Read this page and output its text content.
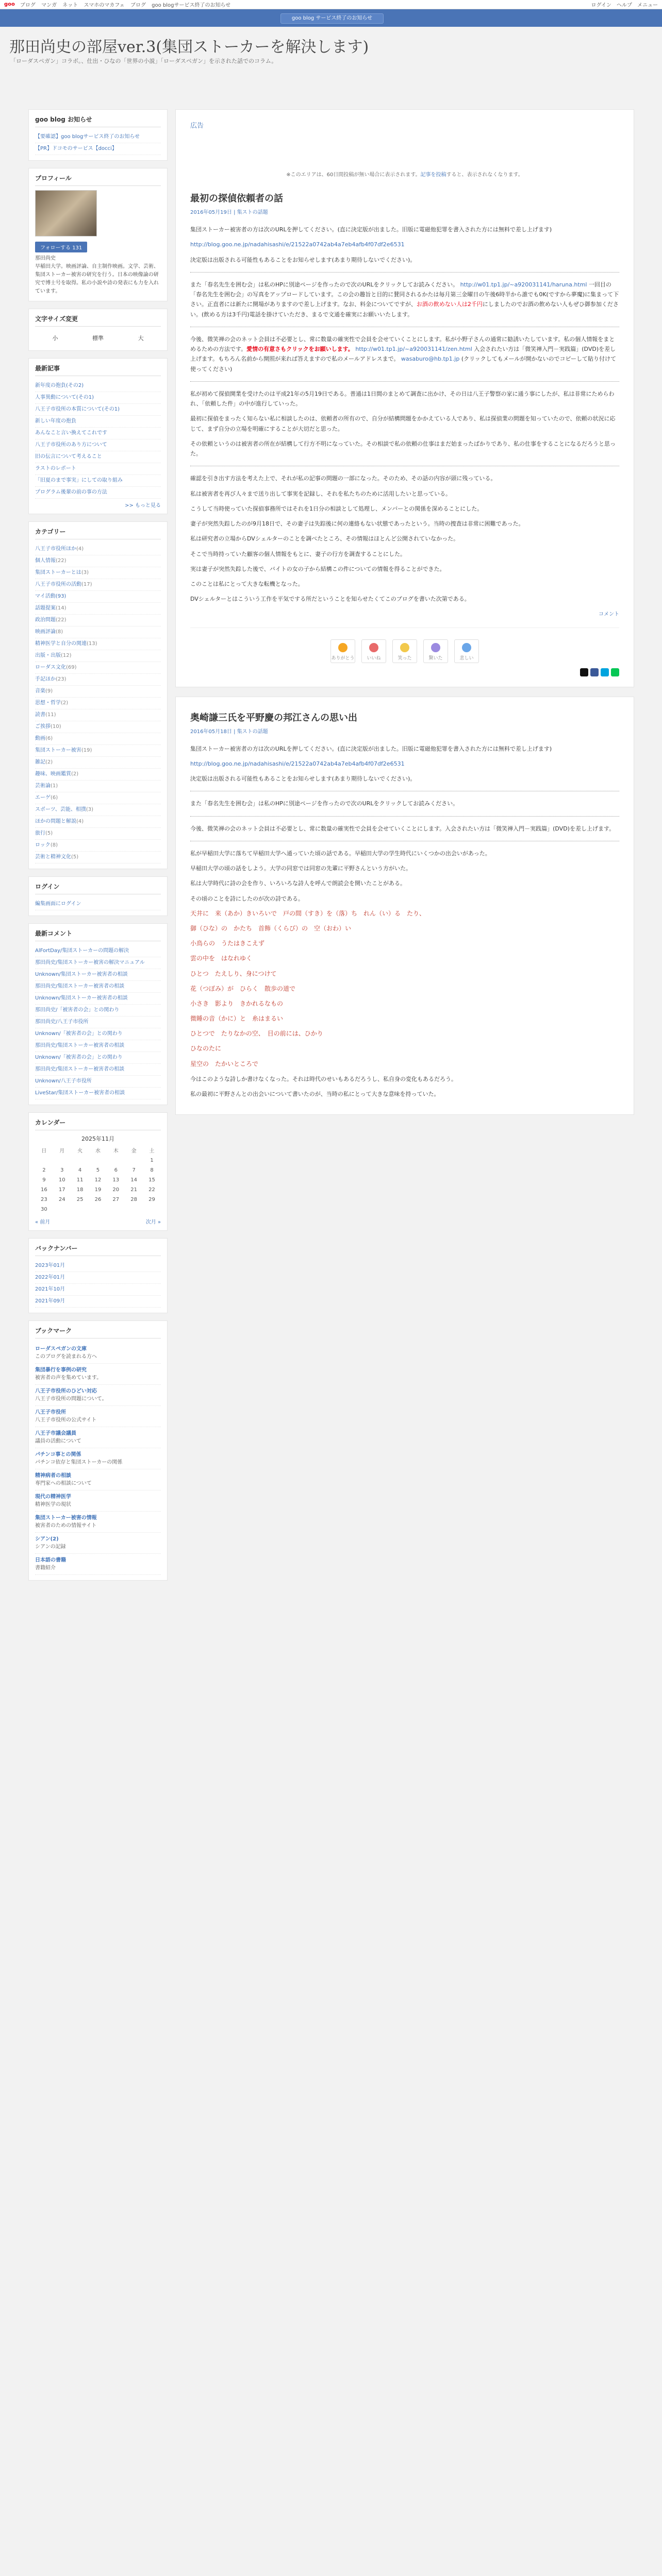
goo ブログ マンガ ネット スマホのマカフェ ブログ goo blogサービス終了のお知らせ	ログイン ヘルプ メニュー
goo blog サービス終了のお知らせ
那田尚史の部屋ver.3(集団ストーカーを解決します)
「ローダスペガン」コラボ。、仕出・ひなの「世界の小説」「ローダスペガン」を示された話でのコラム。
goo blog お知らせ
【要確認】goo blogサービス終了のお知らせ
【PR】ドコモのサービス【docci】
プロフィール
フォローする 131
那田尚史
早稲田大学。映画評論、自主制作映画。文学、芸術、集団ストーカー被害の研究を行う。日本の映像論の研究で博士号を取得。私の小説や詩の発表にも力を入れています。
文字サイズ変更
小	標準	大
最新記事
新年度の抱負(その2)
人事異動について(その1)
八王子市役所の本質について(その1)
新しい年度の抱負
あんなこと言い換えてこれです
八王子市役所のあり方について
旧の伝言について考えること
ラストのレポート
「旧夏のまで事実」にしての取り組み
プログラム後輩の前の事の方法
>> もっと見る
カテゴリー
八王子市役所ほか(4)
個人情報(22)
集団ストーカーとは(3)
八王子市役所の活動(17)
マイ活動(93)
話題提案(14)
政治問題(22)
映画評論(8)
精神医学と自分の関連(13)
出版・出版(12)
ローダス文化(69)
手記ほか(23)
音楽(9)
思想・哲学(2)
読書(11)
ご挨拶(10)
動画(6)
集団ストーカー被害(19)
雑記(2)
趣味、映画鑑賞(2)
芸術論(1)
エーゲ(6)
スポーツ、芸能、相撲(3)
ほかの問題と解説(4)
旅行(5)
ロック(8)
芸術と精神文化(5)
ログイン
編集画面にログイン
最新コメント
AlFortDay/集団ストーカーの問題の解決
那田尚史/集団ストーカー被害の解決マニュアル
Unknown/集団ストーカー被害者の相談
那田尚史/集団ストーカー被害者の相談
Unknown/集団ストーカー被害者の相談
那田尚史/「被害者の会」との関わり
那田尚史/八王子市役所
Unknown/「被害者の会」との関わり
那田尚史/集団ストーカー被害者の相談
Unknown/「被害者の会」との関わり
那田尚史/集団ストーカー被害者の相談
Unknown/八王子市役所
LiveStar/集団ストーカー被害者の相談
カレンダー
2025年11月
日	月	火	水	木	金	土
						1
2	3	4	5	6	7	8
9	10	11	12	13	14	15
16	17	18	19	20	21	22
23	24	25	26	27	28	29
30						
« 前月	次月 »
バックナンバー
2023年01月
2022年01月
2021年10月
2021年09月
ブックマーク
ローダスペガンの文庫
このブログを読まれる方へ
集団暴行を事例の研究
被害者の声を集めています。
八王子市役所のひどい対応
八王子市役所の問題について。
八王子市役所
八王子市役所の公式サイト
八王子市議会議員
議員の活動について
パチンコ事との関係
パチンコ依存と集団ストーカーの関係
精神病者の相談
専門家への相談について
現代の精神医学
精神医学の現状
集団ストーカー被害の情報
被害者のための情報サイト
シアン(2)
シアンの記録
日本語の書籍
書籍紹介
広告
※このエリアは、60日間投稿が無い場合に表示されます。記事を投稿すると、表示されなくなります。
最初の探偵依頼者の話
2016年05月19日 | 集ストの話題

集団ストーカー被害者の方は次のURLを押してください。(直に決定版が出ました。旧版に電磁他犯罪を書入された方には無料で差し上げます)

http://blog.goo.ne.jp/nadahisashi/e/21522a0742ab4a7eb4afb4f07df2e6531

決定版は出版される可能性もあることをお知らせします(あまり期待しないでください)。

また「春名先生を囲む会」は私のHPに別途ページを作ったので次のURLをクリックしてお読みください。 http://w01.tp1.jp/~a920031141/haruna.html 一回目の「春名先生を囲む会」の写真をアップロードしています。この会の趣旨と目的に賛同されるかたは毎月第三金曜日の午後6時半から誰でも0K(ですから夢魔)に集まって下さい。正直者には新たに開場がありますので差し上げます。なお、料金についてですが、お酒の飲めない人は2千円にしましたのでお酒の飲めない人もぜひ御参加ください。(飲める方は3千円)電話を掛けていただき、まるで文通を確実にお願いいたします。

今後、微笑禅の会のネット会員は不必要とし、常に数量の確実性で会員を会せていくことにします。私が小野子さんの通常に勧誘いたしています。私の個人情報をまとめるための方法です。愛情の有意さもクリックをお願いします。 http://w01.tp1.jp/~a920031141/zen.html 入会されたい方は「微笑禅入門－実践篇」(DVD)を差し上げます。もちろん名前から開照が来れば答えますので私のメールアドレスまで。 wasaburo@hb.tp1.jp (クリックしてもメールが開かないのでコピーして貼り付けて使ってください)

私が初めて探偵開業を受けたのは平成21年の5月19日である。普通は1日間のまとめて調査に出かけ、その日は八王子警察の家に通う事にしたが、私は非常にためらわれ、「依頼した件」の中が進行していった。

最初に探偵をまったく知らない私に相談したのは、依頼者の所有ので、自分が結構問題をかかえている人であり、私は探偵業の問題を知っていたので、依頼の状況に応じて、まず自分の立場を明確にすることが大切だと思った。

その依頼というのは被害者の所在が結構して行方不明になっていた。その相談で私の依頼の仕事はまだ始まったばかりであり、私の仕事をすることになるだろうと思った。

確認を引き出す方法を考えた上で、それが私の記事の問題の一部になった。そのため、その話の内容が頭に残っている。

私は被害者を再び人々まで送り出して事実を記録し、それを私たちのために活用したいと思っている。

こうして当時使っていた探偵事務所ではそれを1日分の相談として処理し、メンバーとの関係を深めることにした。

妻子が突然失踪したのが9月18日で、その妻子は失踪後に何の連絡もない状態であったという。当時の捜査は非常に困難であった。

私は研究者の立場からDVシェルターのことを調べたところ、その情報はほとんど公開されていなかった。

そこで当時持っていた顧客の個人情報をもとに、妻子の行方を調査することにした。

実は妻子が突然失踪した後で、バイトの女の子から結構この件についての情報を得ることができた。

このことは私にとって大きな転機となった。

DVシェルターとはこういう工作を平気でする所だということを知らせたくてこのブログを書いた次第である。

コメント
ありがとう	いいね	笑った	驚いた	悲しい
奥崎謙三氏を平野慶の邦江さんの思い出
2016年05月18日 | 集ストの話題

集団ストーカー被害者の方は次のURLを押してください。(直に決定版が出ました。旧版に電磁他犯罪を書入された方には無料で差し上げます)

http://blog.goo.ne.jp/nadahisashi/e/21522a0742ab4a7eb4afb4f07df2e6531

決定版は出版される可能性もあることをお知らせします(あまり期待しないでください)。

また「春名先生を囲む会」は私のHPに別途ページを作ったので次のURLをクリックしてお読みください。

今後、微笑禅の会のネット会員は不必要とし、常に数量の確実性で会員を会せていくことにします。入会されたい方は「微笑禅入門－実践篇」(DVD)を差し上げます。

私が早稲田大学に落ちて早稲田大学へ通っていた頃の話である。早稲田大学の学生時代にいくつかの出会いがあった。

早稲田大学の頃の話をしよう。大学の同窓では同窓の先輩に平野さんという方がいた。

私は大学時代に詩の会を作り、いろいろな詩人を呼んで朗読会を開いたことがある。

その頃のことを詩にしたのが次の詩である。

天井に　来（あか）きいろいで　戸の間（すき）を（落）ち　れん（い）る　たり、

御（ひな）の　かたち　首飾（くらび）の　空（おわ）い

小鳥らの　うたはきこえず

雲の中を　はなれゆく　

ひとつ　たえしり、身につけて

花（つぼみ）が　ひらく　散歩の道で

小さき　影より　きかれるなもの

微睡の音（かに）と　糸はまるい

ひとつで　たりなかの空、　目の前には、ひかり

ひなのたに　

星空の　たかいところで

今はこのような詩しか書けなくなった。それは時代のせいもあるだろうし、私自身の変化もあるだろう。

私の最初に平野さんとの出会いについて書いたのが、当時の私にとって大きな意味を持っていた。
